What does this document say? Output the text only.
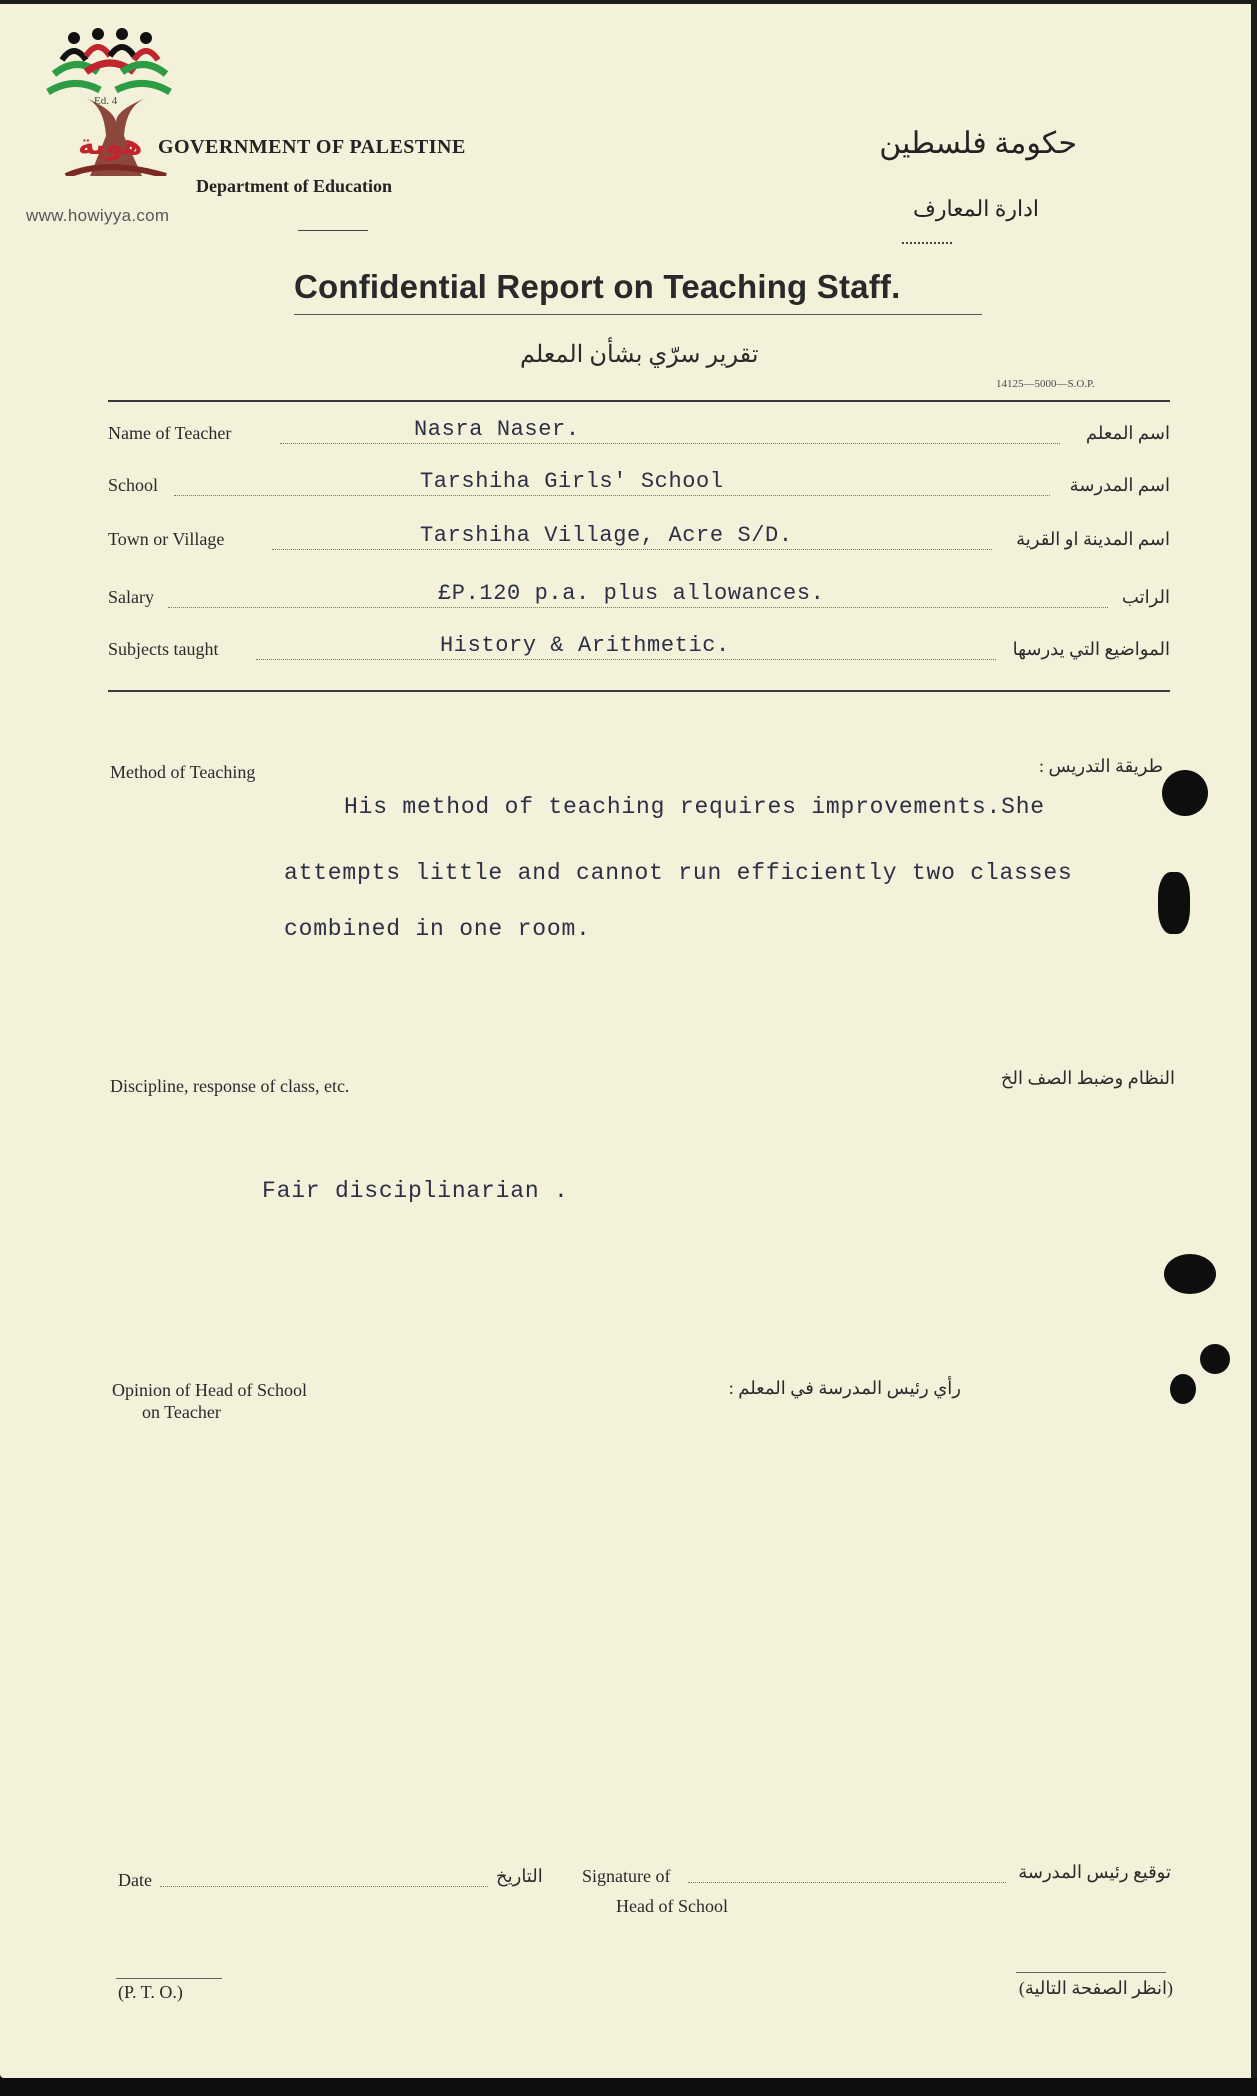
Ed. 4
هوية
www.howiyya.com
GOVERNMENT OF PALESTINE
Department of Education
حكومة فلسطين
ادارة المعارف
Confidential Report on Teaching Staff.
تقرير سرّي بشأن المعلم
14125—5000—S.O.P.
Name of Teacher	Nasra Naser.	اسم المعلم
School	Tarshiha Girls' School	اسم المدرسة
Town or Village	Tarshiha Village, Acre S/D.	اسم المدينة او القرية
Salary	£P.120 p.a. plus allowances.	الراتب
Subjects taught	History & Arithmetic.	المواضيع التي يدرسها
Method of Teaching	طريقة التدريس :
His method of teaching requires improvements.She
attempts little and cannot run efficiently two classes
combined in one room.
Discipline, response of class, etc.	النظام وضبط الصف الخ
Fair disciplinarian .
Opinion of Head of School
on Teacher
رأي رئيس المدرسة في المعلم :
Date	التاريخ Signature of
Head of School
توقيع رئيس المدرسة
(P. T. O.)	(انظر الصفحة التالية)
